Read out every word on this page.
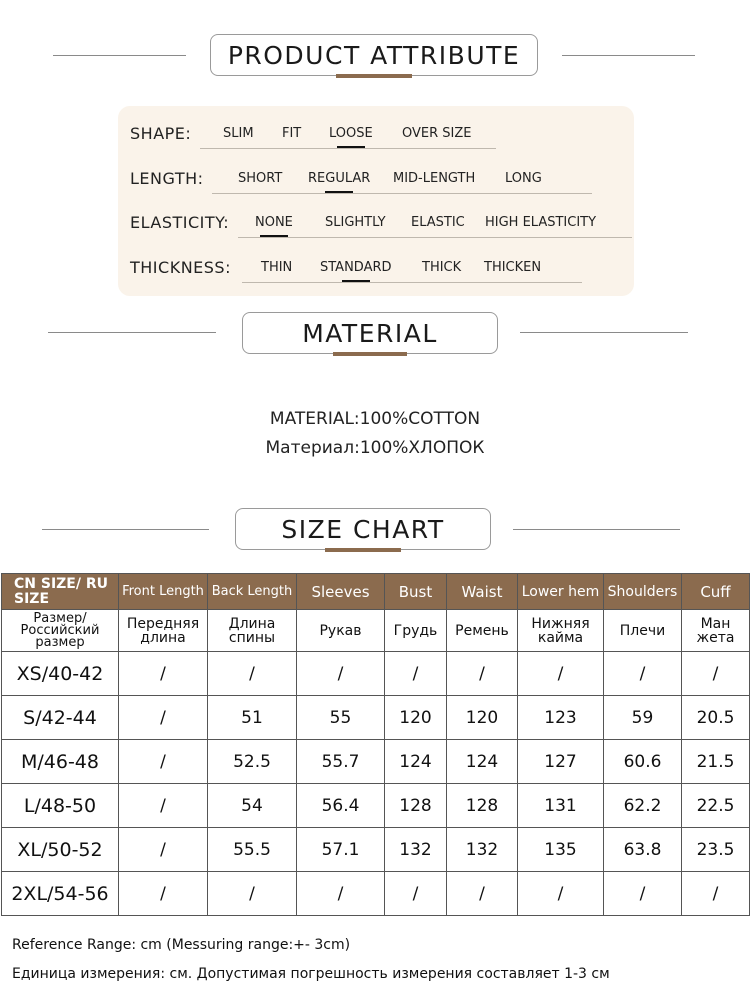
PRODUCT ATTRIBUTE
SHAPE: SLIM FIT LOOSE OVER SIZE
LENGTH:	SHORT REGULAR MID-LENGTH LONG
ELASTICITY: NONE SLIGHTLY ELASTIC HIGH ELASTICITY
THICKNESS: THIN STANDARD THICK THICKEN
MATERIAL
MATERIAL:100%COTTON
Материал:100%ХЛОПОК
SIZE CHART
CN SIZE/ RU SIZE	Front Length	Back Length	Sleeves	Bust	Waist	Lower hem	Shoulders	Cuff
Размер/ Российский размер	Передняя длина	Длина спины	Рукав	Грудь	Ремень	Нижняя кайма	Плечи	Ман жета
XS/40-42	/	/	/	/	/	/	/	/
S/42-44	/	51	55	120	120	123	59	20.5
M/46-48	/	52.5	55.7	124	124	127	60.6	21.5
L/48-50	/	54	56.4	128	128	131	62.2	22.5
XL/50-52	/	55.5	57.1	132	132	135	63.8	23.5
2XL/54-56	/	/	/	/	/	/	/	/
Reference Range: cm (Messuring range:+- 3cm)
Единица измерения: см. Допустимая погрешность измерения составляет 1-3 см
